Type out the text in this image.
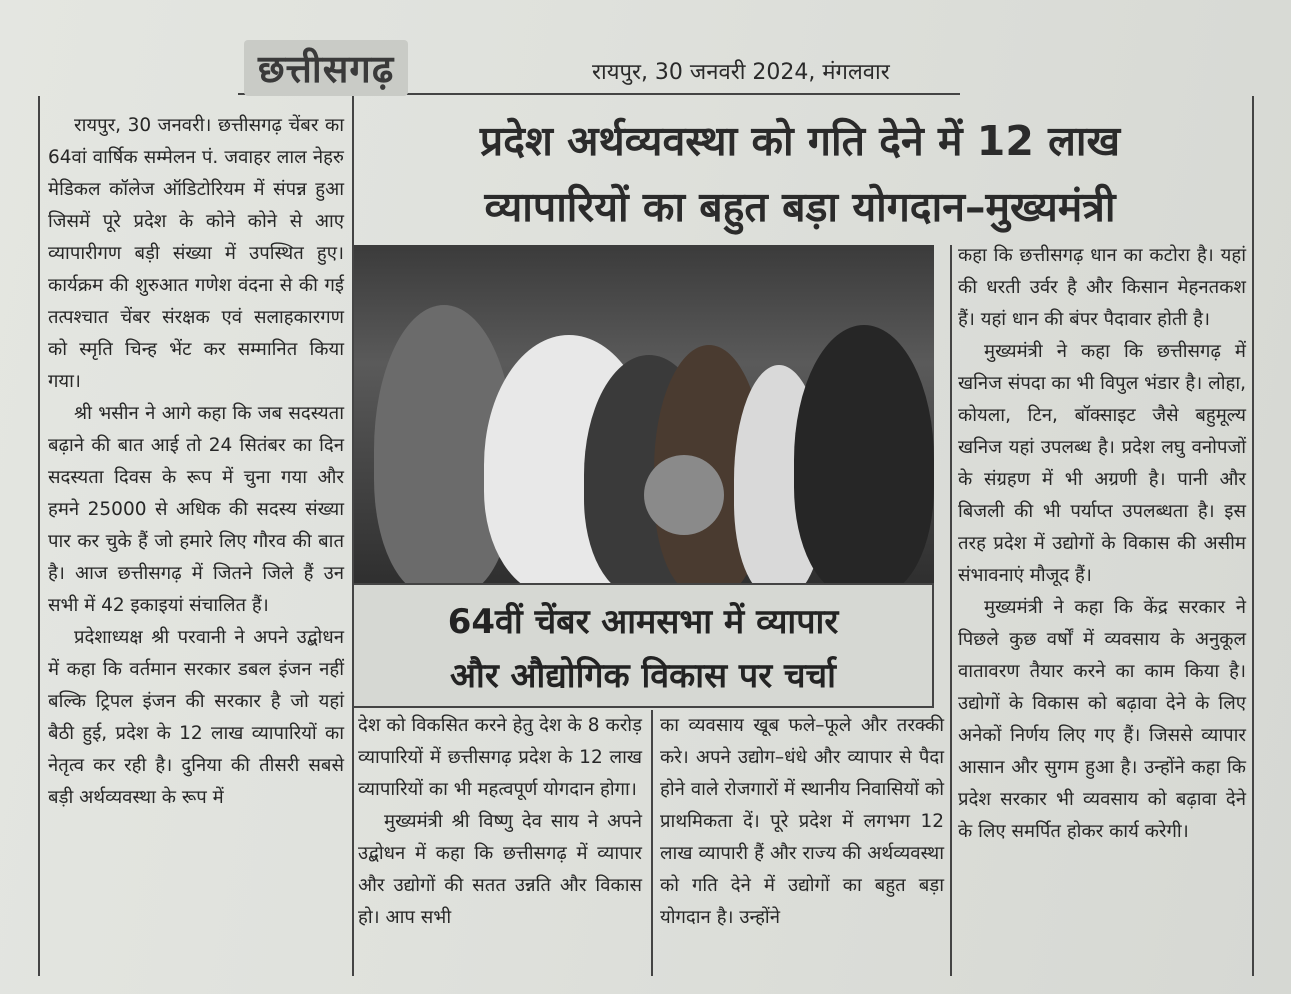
छत्तीसगढ़	रायपुर, 30 जनवरी 2024, मंगलवार
प्रदेश अर्थव्यवस्था को गति देने में 12 लाख
व्यापारियों का बहुत बड़ा योगदान–मुख्यमंत्री

रायपुर, 30 जनवरी। छत्तीसगढ़ चेंबर का 64वां वार्षिक सम्मेलन पं. जवाहर लाल नेहरु मेडिकल कॉलेज ऑडिटोरियम में संपन्न हुआ जिसमें पूरे प्रदेश के कोने कोने से आए व्यापारीगण बड़ी संख्या में उपस्थित हुए। कार्यक्रम की शुरुआत गणेश वंदना से की गई तत्पश्चात चेंबर संरक्षक एवं सलाहकारगण को स्मृति चिन्ह भेंट कर सम्मानित किया गया।

श्री भसीन ने आगे कहा कि जब सदस्यता बढ़ाने की बात आई तो 24 सितंबर का दिन सदस्यता दिवस के रूप में चुना गया और हमने 25000 से अधिक की सदस्य संख्या पार कर चुके हैं जो हमारे लिए गौरव की बात है। आज छत्तीसगढ़ में जितने जिले हैं उन सभी में 42 इकाइयां संचालित हैं।

प्रदेशाध्यक्ष श्री परवानी ने अपने उद्बोधन में कहा कि वर्तमान सरकार डबल इंजन नहीं बल्कि ट्रिपल इंजन की सरकार है जो यहां बैठी हुई, प्रदेश के 12 लाख व्यापारियों का नेतृत्व कर रही है। दुनिया की तीसरी सबसे बड़ी अर्थव्यवस्था के रूप में

64वीं चेंबर आमसभा में व्यापार
और औद्योगिक विकास पर चर्चा

देश को विकसित करने हेतु देश के 8 करोड़ व्यापारियों में छत्तीसगढ़ प्रदेश के 12 लाख व्यापारियों का भी महत्वपूर्ण योगदान होगा।

मुख्यमंत्री श्री विष्णु देव साय ने अपने उद्बोधन में कहा कि छत्तीसगढ़ में व्यापार और उद्योगों की सतत उन्नति और विकास हो। आप सभी

का व्यवसाय खूब फले–फूले और तरक्की करे। अपने उद्योग–धंधे और व्यापार से पैदा होने वाले रोजगारों में स्थानीय निवासियों को प्राथमिकता दें। पूरे प्रदेश में लगभग 12 लाख व्यापारी हैं और राज्य की अर्थव्यवस्था को गति देने में उद्योगों का बहुत बड़ा योगदान है। उन्होंने

कहा कि छत्तीसगढ़ धान का कटोरा है। यहां की धरती उर्वर है और किसान मेहनतकश हैं। यहां धान की बंपर पैदावार होती है।

मुख्यमंत्री ने कहा कि छत्तीसगढ़ में खनिज संपदा का भी विपुल भंडार है। लोहा, कोयला, टिन, बॉक्साइट जैसे बहुमूल्य खनिज यहां उपलब्ध है। प्रदेश लघु वनोपजों के संग्रहण में भी अग्रणी है। पानी और बिजली की भी पर्याप्त उपलब्धता है। इस तरह प्रदेश में उद्योगों के विकास की असीम संभावनाएं मौजूद हैं।

मुख्यमंत्री ने कहा कि केंद्र सरकार ने पिछले कुछ वर्षों में व्यवसाय के अनुकूल वातावरण तैयार करने का काम किया है। उद्योगों के विकास को बढ़ावा देने के लिए अनेकों निर्णय लिए गए हैं। जिससे व्यापार आसान और सुगम हुआ है। उन्होंने कहा कि प्रदेश सरकार भी व्यवसाय को बढ़ावा देने के लिए समर्पित होकर कार्य करेगी।
